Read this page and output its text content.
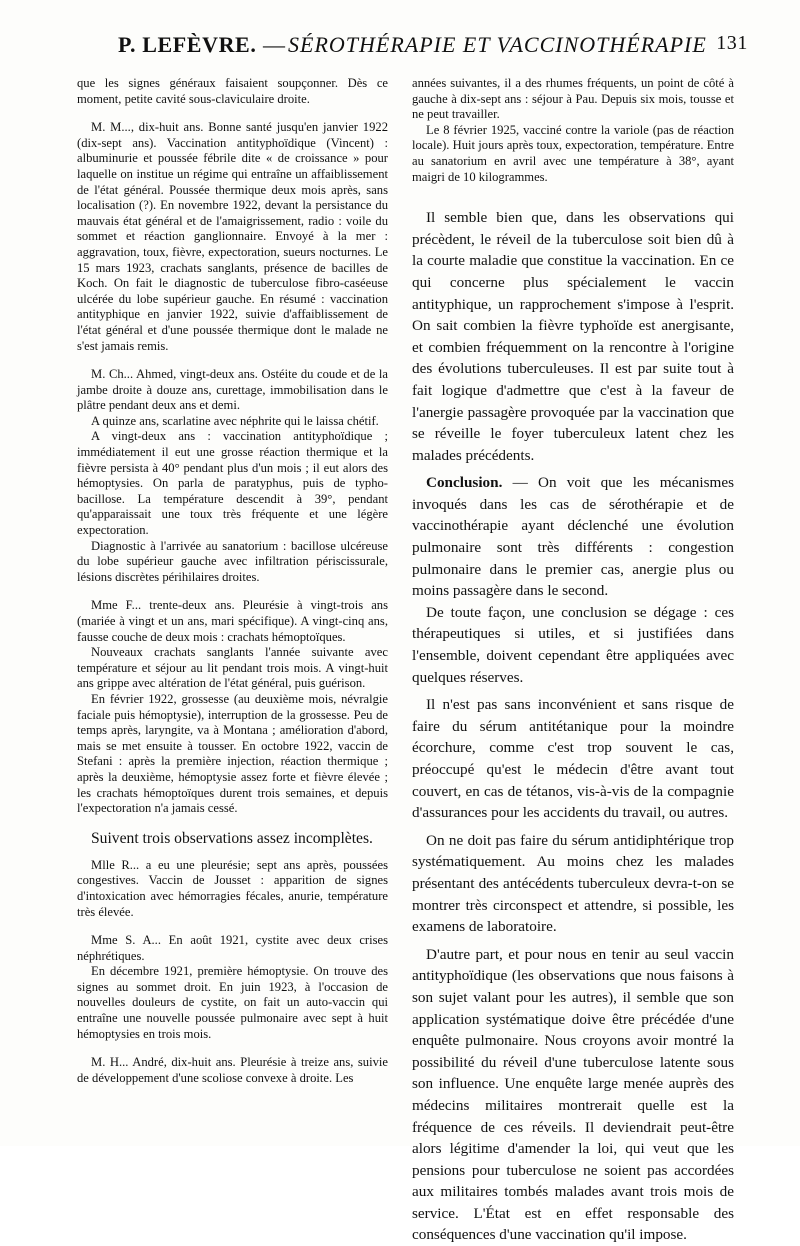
P. LEFÈVRE. — SÉROTHÉRAPIE ET VACCINOTHÉRAPIE 131

que les signes généraux faisaient soupçonner. Dès ce moment, petite cavité sous-claviculaire droite.

M. M..., dix-huit ans. Bonne santé jusqu'en janvier 1922 (dix-sept ans). Vaccination antityphoïdique (Vincent) : albuminurie et poussée fébrile dite « de croissance » pour laquelle on institue un régime qui entraîne un affaiblissement de l'état général. Poussée thermique deux mois après, sans localisation (?). En novembre 1922, devant la persistance du mauvais état général et de l'amaigrissement, radio : voile du sommet et réaction ganglionnaire. Envoyé à la mer : aggravation, toux, fièvre, expectoration, sueurs nocturnes. Le 15 mars 1923, crachats sanglants, présence de bacilles de Koch. On fait le diagnostic de tuberculose fibro-caséeuse ulcérée du lobe supérieur gauche. En résumé : vaccination antityphique en janvier 1922, suivie d'affaiblissement de l'état général et d'une poussée thermique dont le malade ne s'est jamais remis.

M. Ch... Ahmed, vingt-deux ans. Ostéite du coude et de la jambe droite à douze ans, curettage, immobilisation dans le plâtre pendant deux ans et demi.

A quinze ans, scarlatine avec néphrite qui le laissa chétif.

A vingt-deux ans : vaccination antityphoïdique ; immédiatement il eut une grosse réaction thermique et la fièvre persista à 40° pendant plus d'un mois ; il eut alors des hémoptysies. On parla de paratyphus, puis de typho-bacillose. La température descendit à 39°, pendant qu'apparaissait une toux très fréquente et une légère expectoration.

Diagnostic à l'arrivée au sanatorium : bacillose ulcéreuse du lobe supérieur gauche avec infiltration périscissurale, lésions discrètes périhilaires droites.

Mme F... trente-deux ans. Pleurésie à vingt-trois ans (mariée à vingt et un ans, mari spécifique). A vingt-cinq ans, fausse couche de deux mois : crachats hémoptoïques.

Nouveaux crachats sanglants l'année suivante avec température et séjour au lit pendant trois mois. A vingt-huit ans grippe avec altération de l'état général, puis guérison.

En février 1922, grossesse (au deuxième mois, névralgie faciale puis hémoptysie), interruption de la grossesse. Peu de temps après, laryngite, va à Montana ; amélioration d'abord, mais se met ensuite à tousser. En octobre 1922, vaccin de Stefani : après la première injection, réaction thermique ; après la deuxième, hémoptysie assez forte et fièvre élevée ; les crachats hémoptoïques durent trois semaines, et depuis l'expectoration n'a jamais cessé.

Suivent trois observations assez incomplètes.

Mlle R... a eu une pleurésie; sept ans après, poussées congestives. Vaccin de Jousset : apparition de signes d'intoxication avec hémorragies fécales, anurie, température très élevée.

Mme S. A... En août 1921, cystite avec deux crises néphrétiques.

En décembre 1921, première hémoptysie. On trouve des signes au sommet droit. En juin 1923, à l'occasion de nouvelles douleurs de cystite, on fait un auto-vaccin qui entraîne une nouvelle poussée pulmonaire avec sept à huit hémoptysies en trois mois.

M. H... André, dix-huit ans. Pleurésie à treize ans, suivie de développement d'une scoliose convexe à droite. Les

années suivantes, il a des rhumes fréquents, un point de côté à gauche à dix-sept ans : séjour à Pau. Depuis six mois, tousse et ne peut travailler.

Le 8 février 1925, vacciné contre la variole (pas de réaction locale). Huit jours après toux, expectoration, température. Entre au sanatorium en avril avec une température à 38°, ayant maigri de 10 kilogrammes.

Il semble bien que, dans les observations qui précèdent, le réveil de la tuberculose soit bien dû à la courte maladie que constitue la vaccination. En ce qui concerne plus spécialement le vaccin antityphique, un rapprochement s'impose à l'esprit. On sait combien la fièvre typhoïde est anergisante, et combien fréquemment on la rencontre à l'origine des évolutions tuberculeuses. Il est par suite tout à fait logique d'admettre que c'est à la faveur de l'anergie passagère provoquée par la vaccination que se réveille le foyer tuberculeux latent chez les malades précédents.

Conclusion. — On voit que les mécanismes invoqués dans les cas de sérothérapie et de vaccinothérapie ayant déclenché une évolution pulmonaire sont très différents : congestion pulmonaire dans le premier cas, anergie plus ou moins passagère dans le second.

De toute façon, une conclusion se dégage : ces thérapeutiques si utiles, et si justifiées dans l'ensemble, doivent cependant être appliquées avec quelques réserves.

Il n'est pas sans inconvénient et sans risque de faire du sérum antitétanique pour la moindre écorchure, comme c'est trop souvent le cas, préoccupé qu'est le médecin d'être avant tout couvert, en cas de tétanos, vis-à-vis de la compagnie d'assurances pour les accidents du travail, ou autres.

On ne doit pas faire du sérum antidiphtérique trop systématiquement. Au moins chez les malades présentant des antécédents tuberculeux devra-t-on se montrer très circonspect et attendre, si possible, les examens de laboratoire.

D'autre part, et pour nous en tenir au seul vaccin antityphoïdique (les observations que nous faisons à son sujet valant pour les autres), il semble que son application systématique doive être précédée d'une enquête pulmonaire. Nous croyons avoir montré la possibilité du réveil d'une tuberculose latente sous son influence. Une enquête large menée auprès des médecins militaires montrerait quelle est la fréquence de ces réveils. Il deviendrait peut-être alors légitime d'amender la loi, qui veut que les pensions pour tuberculose ne soient pas accordées aux militaires tombés malades avant trois mois de service. L'État est en effet responsable des conséquences d'une vaccination qu'il impose.
